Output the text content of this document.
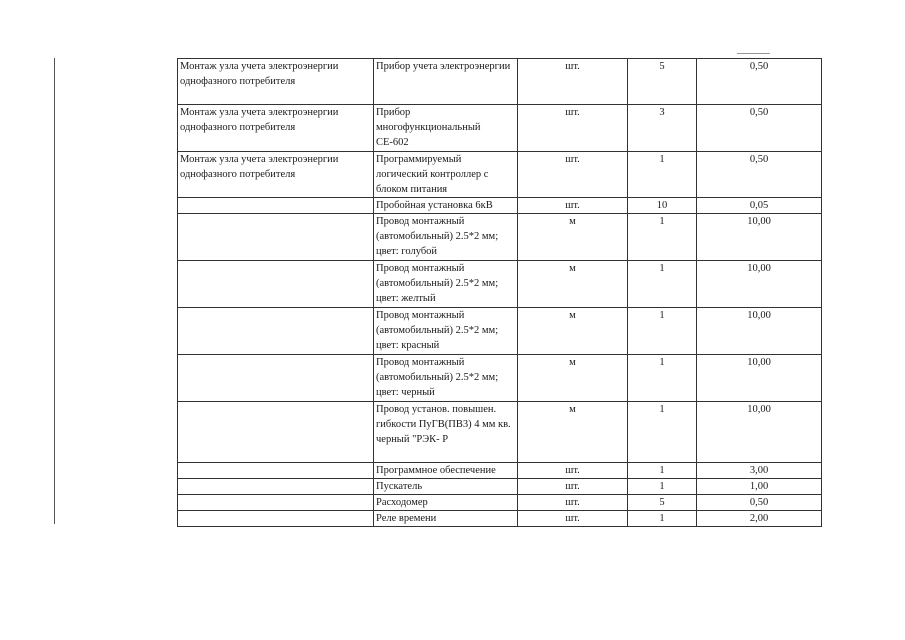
Монтаж узла учета электроэнергии однофазного потребителя	Прибор учета электроэнергии	шт.	5	0,50
Монтаж узла учета электроэнергии однофазного потребителя	Прибор многофункциональный СЕ-602	шт.	3	0,50
Монтаж узла учета электроэнергии однофазного потребителя	Программируемый логический контроллер с блоком питания	шт.	1	0,50
	Пробойная установка 6кВ	шт.	10	0,05
	Провод монтажный (автомобильный) 2.5*2 мм; цвет: голубой	м	1	10,00
	Провод монтажный (автомобильный) 2.5*2 мм; цвет: желтый	м	1	10,00
	Провод монтажный (автомобильный) 2.5*2 мм; цвет: красный	м	1	10,00
	Провод монтажный (автомобильный) 2.5*2 мм; цвет: черный	м	1	10,00
	Провод установ. повышен. гибкости ПуГВ(ПВ3) 4 мм кв. черный "РЭК- Р	м	1	10,00
	Программное обеспечение	шт.	1	3,00
	Пускатель	шт.	1	1,00
	Расходомер	шт.	5	0,50
	Реле времени	шт.	1	2,00
